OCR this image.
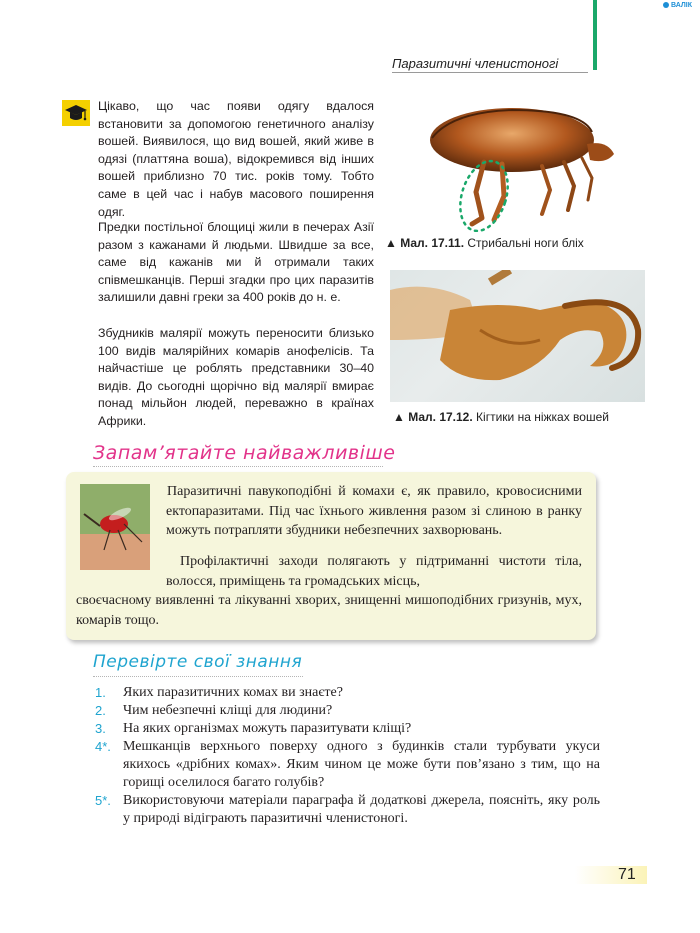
ВАЛІК
Паразитичні членистоногі
Цікаво, що час появи одягу вдалося встановити за допомогою генетичного аналізу вошей. Виявилося, що вид вошей, який живе в одязі (платтяна воша), відокремився від інших вошей приблизно 70 тис. років тому. Тобто саме в цей час і набув масового поширення одяг.
Предки постільної блощиці жили в печерах Азії разом з кажанами й людьми. Швидше за все, саме від кажанів ми й отримали таких співмешканців. Перші згадки про цих паразитів залишили давні греки за 400 років до н. е.
Збудників малярії можуть переносити близько 100 видів малярійних комарів анофелісів. Та найчастіше це роблять представники 30–40 видів. До сьогодні щорічно від малярії вмирає понад мільйон людей, переважно в країнах Африки.
▲ Мал. 17.11. Стрибальні ноги бліх
▲ Мал. 17.12. Кігтики на ніжках вошей
Запам’ятайте найважливіше
Паразитичні павукоподібні й комахи є, як правило, кровосисними ектопаразитами. Під час їхнього живлення разом зі слиною в ранку можуть потрапляти збудники небезпечних захворювань.
Профілактичні заходи полягають у підтриманні чистоти тіла, волосся, приміщень та громадських місць,
своєчасному виявленні та лікуванні хворих, знищенні мишоподібних гризунів, мух, комарів тощо.
Перевірте свої знання
1. Яких паразитичних комах ви знаєте?
2. Чим небезпечні кліщі для людини?
3. На яких організмах можуть паразитувати кліщі?
4*. Мешканців верхнього поверху одного з будинків стали турбувати укуси якихось «дрібних комах». Яким чином це може бути пов’язано з тим, що на горищі оселилося багато голубів?
5*. Використовуючи матеріали параграфа й додаткові джерела, поясніть, яку роль у природі відіграють паразитичні членистоногі.
71
